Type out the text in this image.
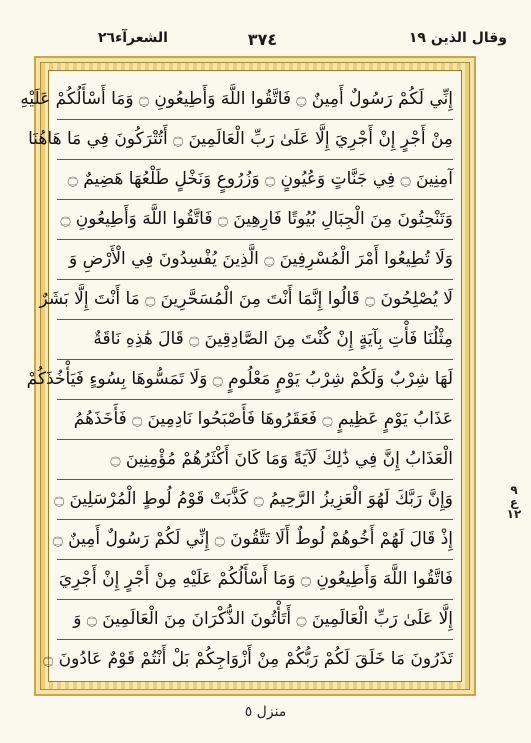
وقال الذين ١٩
٣٧٤
الشعرآء٢٦
إِنِّي لَكُمْ رَسُولٌ أَمِينٌ ۝ فَاتَّقُوا اللَّهَ وَأَطِيعُونِ ۝ وَمَا أَسْأَلُكُمْ عَلَيْهِ
مِنْ أَجْرٍ إِنْ أَجْرِيَ إِلَّا عَلَىٰ رَبِّ الْعَالَمِينَ ۝ أَتُتْرَكُونَ فِي مَا هَاهُنَا
آمِنِينَ ۝ فِي جَنَّاتٍ وَعُيُونٍ ۝ وَزُرُوعٍ وَنَخْلٍ طَلْعُهَا هَضِيمٌ ۝
وَتَنْحِتُونَ مِنَ الْجِبَالِ بُيُوتًا فَارِهِينَ ۝ فَاتَّقُوا اللَّهَ وَأَطِيعُونِ ۝
وَلَا تُطِيعُوا أَمْرَ الْمُسْرِفِينَ ۝ الَّذِينَ يُفْسِدُونَ فِي الْأَرْضِ وَ
لَا يُصْلِحُونَ ۝ قَالُوا إِنَّمَا أَنْتَ مِنَ الْمُسَحَّرِينَ ۝ مَا أَنْتَ إِلَّا بَشَرٌ
مِثْلُنَا فَأْتِ بِآيَةٍ إِنْ كُنْتَ مِنَ الصَّادِقِينَ ۝ قَالَ هَٰذِهِ نَاقَةٌ
لَهَا شِرْبٌ وَلَكُمْ شِرْبُ يَوْمٍ مَعْلُومٍ ۝ وَلَا تَمَسُّوهَا بِسُوءٍ فَيَأْخُذَكُمْ
عَذَابُ يَوْمٍ عَظِيمٍ ۝ فَعَقَرُوهَا فَأَصْبَحُوا نَادِمِينَ ۝ فَأَخَذَهُمُ
الْعَذَابُ إِنَّ فِي ذَٰلِكَ لَآيَةً وَمَا كَانَ أَكْثَرُهُمْ مُؤْمِنِينَ ۝
وَإِنَّ رَبَّكَ لَهُوَ الْعَزِيزُ الرَّحِيمُ ۝ كَذَّبَتْ قَوْمُ لُوطٍ الْمُرْسَلِينَ ۝
إِذْ قَالَ لَهُمْ أَخُوهُمْ لُوطٌ أَلَا تَتَّقُونَ ۝ إِنِّي لَكُمْ رَسُولٌ أَمِينٌ ۝
فَاتَّقُوا اللَّهَ وَأَطِيعُونِ ۝ وَمَا أَسْأَلُكُمْ عَلَيْهِ مِنْ أَجْرٍ إِنْ أَجْرِيَ
إِلَّا عَلَىٰ رَبِّ الْعَالَمِينَ ۝ أَتَأْتُونَ الذُّكْرَانَ مِنَ الْعَالَمِينَ ۝ وَ
تَذَرُونَ مَا خَلَقَ لَكُمْ رَبُّكُمْ مِنْ أَزْوَاجِكُمْ بَلْ أَنْتُمْ قَوْمٌ عَادُونَ ۝
٩
ع
١٢
منزل ٥
